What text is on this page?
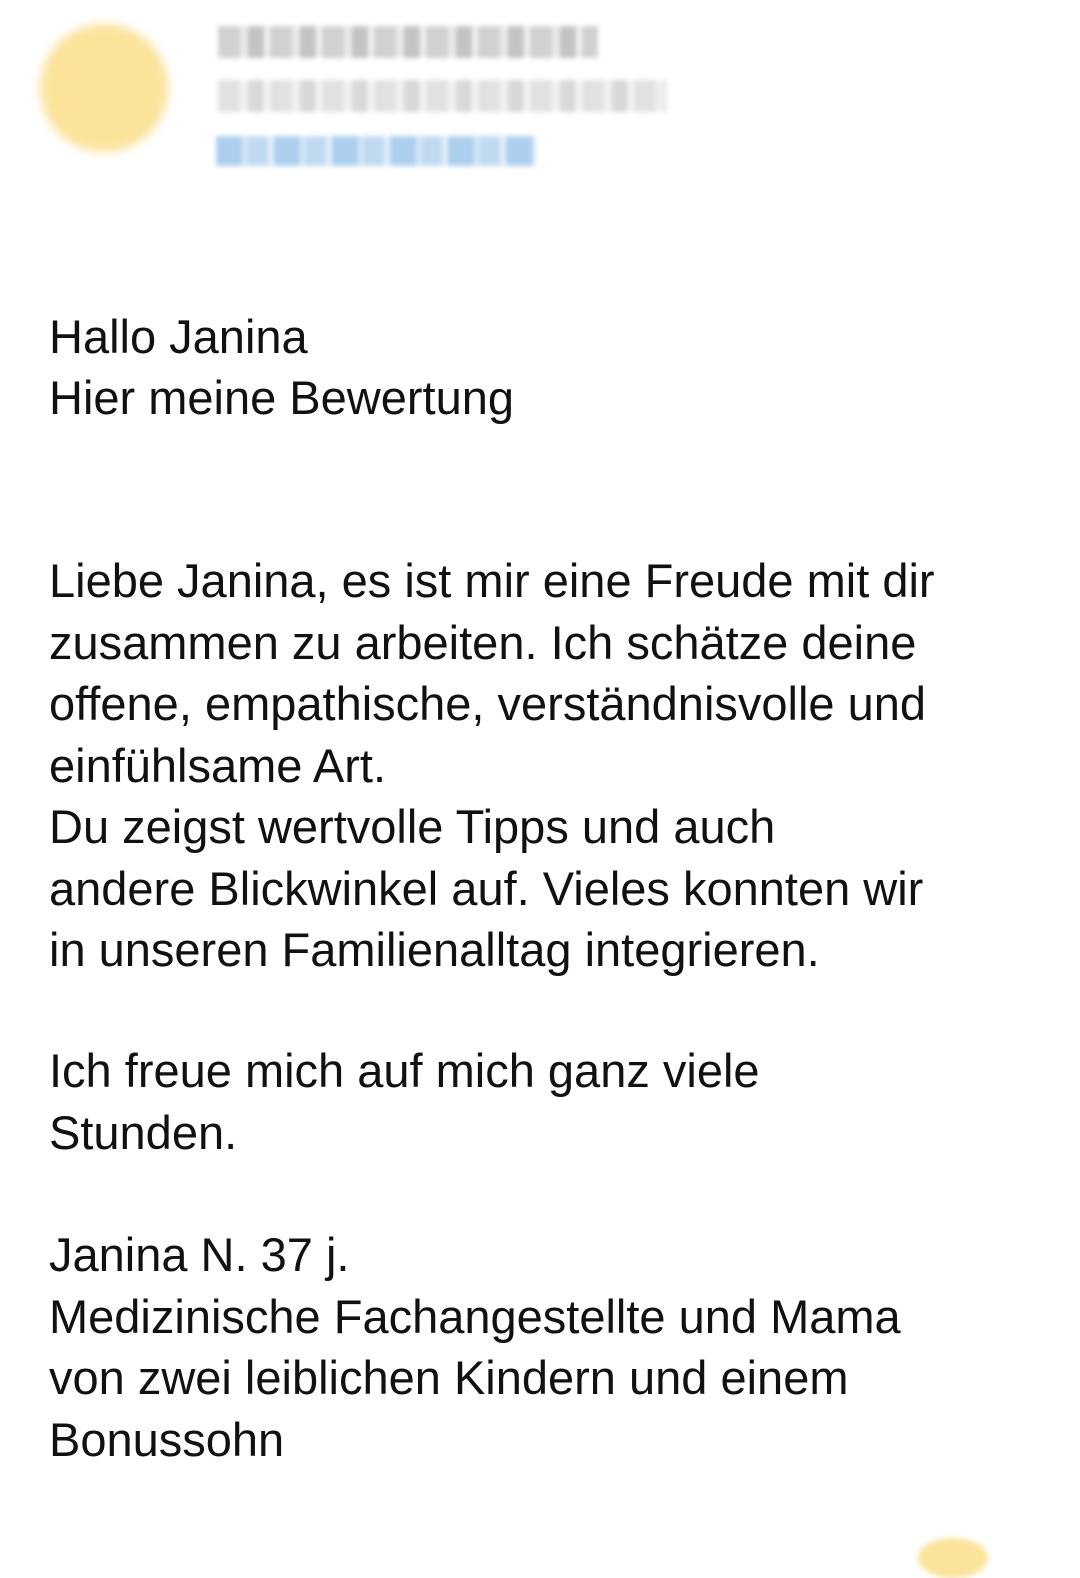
Hallo Janina
Hier meine Bewertung

Liebe Janina, es ist mir eine Freude mit dir
zusammen zu arbeiten. Ich schätze deine
offene, empathische, verständnisvolle und
einfühlsame Art.
Du zeigst wertvolle Tipps und auch
andere Blickwinkel auf. Vieles konnten wir
in unseren Familienalltag integrieren.

Ich freue mich auf mich ganz viele
Stunden.

Janina N. 37 j.
Medizinische Fachangestellte und Mama
von zwei leiblichen Kindern und einem
Bonussohn
